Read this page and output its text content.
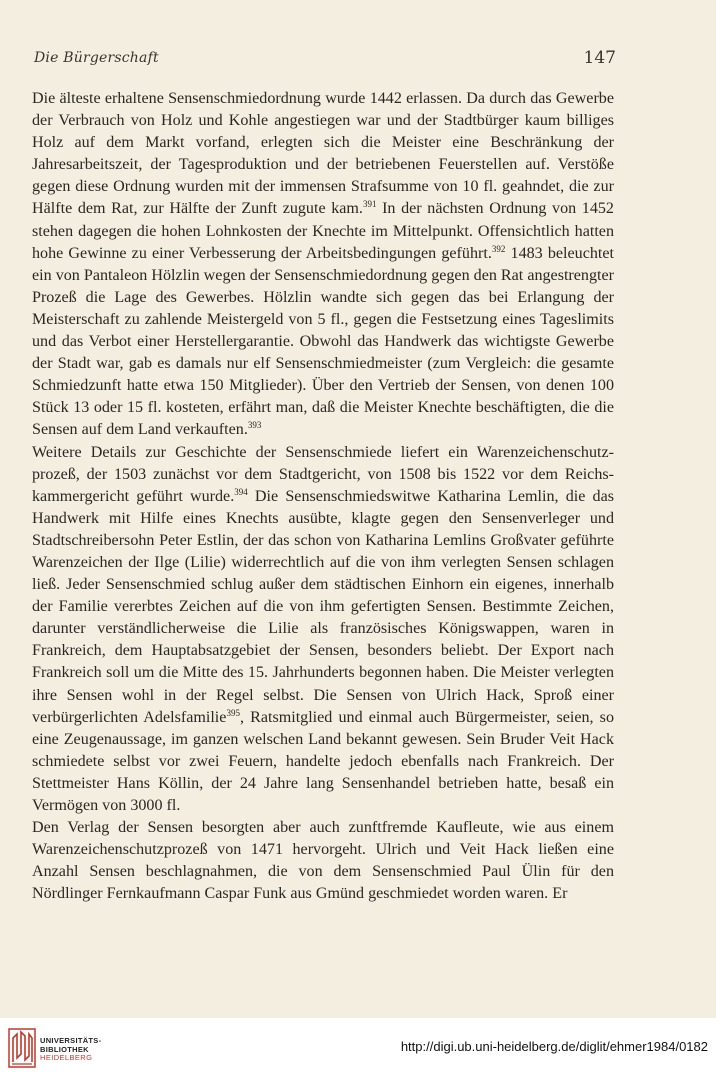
Die Bürgerschaft	147

Die älteste erhaltene Sensenschmiedordnung wurde 1442 erlassen. Da durch das Gewerbe der Verbrauch von Holz und Kohle angestiegen war und der Stadtbürger kaum billiges Holz auf dem Markt vorfand, erlegten sich die Meister eine Beschränkung der Jahresarbeitszeit, der Tagesproduktion und der betriebenen Feuerstellen auf. Verstöße gegen diese Ordnung wurden mit der immensen Strafsumme von 10 fl. geahndet, die zur Hälfte dem Rat, zur Hälfte der Zunft zugute kam.$^{391}$ In der nächsten Ordnung von 1452 stehen dagegen die hohen Lohnkosten der Knechte im Mittelpunkt. Offensichtlich hatten hohe Gewinne zu einer Verbesserung der Arbeitsbedingungen geführt.$^{392}$ 1483 beleuchtet ein von Pantaleon Hölzlin wegen der Sensenschmiedordnung gegen den Rat angestrengter Prozeß die Lage des Gewerbes. Hölzlin wandte sich gegen das bei Erlangung der Meisterschaft zu zahlende Meistergeld von 5 fl., gegen die Festsetzung eines Tageslimits und das Verbot einer Herstellergarantie. Obwohl das Handwerk das wichtigste Gewerbe der Stadt war, gab es damals nur elf Sensenschmiedmeister (zum Vergleich: die gesamte Schmiedzunft hatte etwa 150 Mitglieder). Über den Vertrieb der Sensen, von denen 100 Stück 13 oder 15 fl. kosteten, erfährt man, daß die Meister Knechte beschäftigten, die die Sensen auf dem Land verkauften.$^{393}$

Weitere Details zur Geschichte der Sensenschmiede liefert ein Warenzeichenschutzprozeß, der 1503 zunächst vor dem Stadtgericht, von 1508 bis 1522 vor dem Reichskammergericht geführt wurde.$^{394}$ Die Sensenschmiedswitwe Katharina Lemlin, die das Handwerk mit Hilfe eines Knechts ausübte, klagte gegen den Sensenverleger und Stadtschreibersohn Peter Estlin, der das schon von Katharina Lemlins Großvater geführte Warenzeichen der Ilge (Lilie) widerrechtlich auf die von ihm verlegten Sensen schlagen ließ. Jeder Sensenschmied schlug außer dem städtischen Einhorn ein eigenes, innerhalb der Familie vererbtes Zeichen auf die von ihm gefertigten Sensen. Bestimmte Zeichen, darunter verständlicherweise die Lilie als französisches Königswappen, waren in Frankreich, dem Hauptabsatzgebiet der Sensen, besonders beliebt. Der Export nach Frankreich soll um die Mitte des 15. Jahrhunderts begonnen haben. Die Meister verlegten ihre Sensen wohl in der Regel selbst. Die Sensen von Ulrich Hack, Sproß einer verbürgerlichten Adelsfamilie$^{395}$, Ratsmitglied und einmal auch Bürgermeister, seien, so eine Zeugenaussage, im ganzen welschen Land bekannt gewesen. Sein Bruder Veit Hack schmiedete selbst vor zwei Feuern, handelte jedoch ebenfalls nach Frankreich. Der Stettmeister Hans Köllin, der 24 Jahre lang Sensenhandel betrieben hatte, besaß ein Vermögen von 3000 fl.

Den Verlag der Sensen besorgten aber auch zunftfremde Kaufleute, wie aus einem Warenzeichenschutzprozeß von 1471 hervorgeht. Ulrich und Veit Hack ließen eine Anzahl Sensen beschlagnahmen, die von dem Sensenschmied Paul Ülin für den Nördlinger Fernkaufmann Caspar Funk aus Gmünd geschmiedet worden waren. Er

UNIVERSITÄTS-
BIBLIOTHEK
HEIDELBERG
http://digi.ub.uni-heidelberg.de/diglit/ehmer1984/0182
